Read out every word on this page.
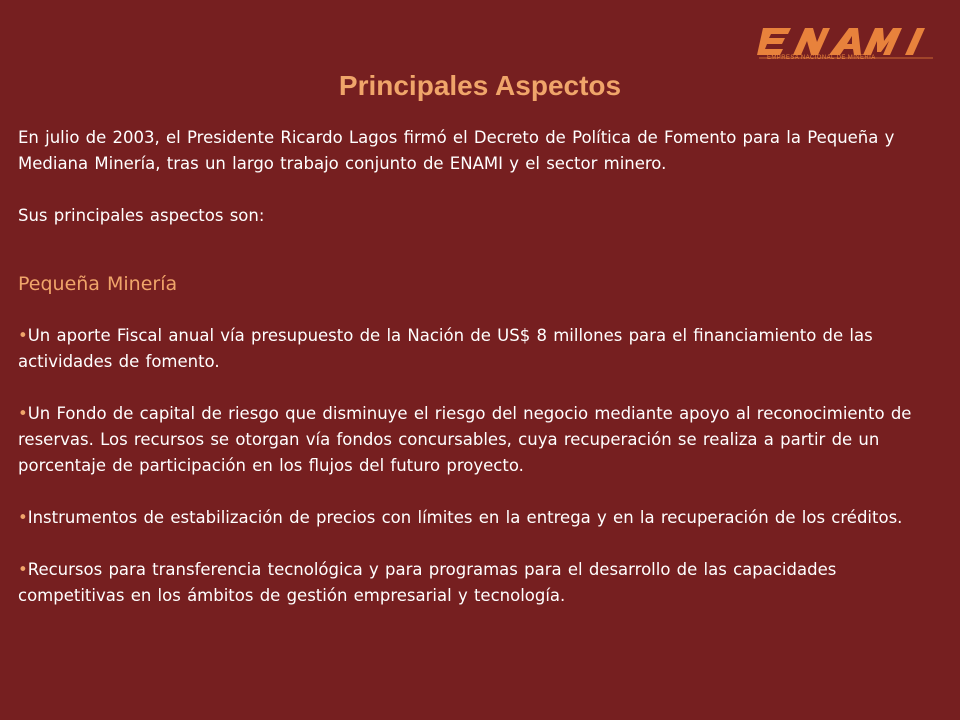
EMPRESA NACIONAL DE MINERÍA
Principales Aspectos

En julio de 2003, el Presidente Ricardo Lagos firmó el Decreto de Política de Fomento para la Pequeña y Mediana Minería, tras un largo trabajo conjunto de ENAMI y el sector minero.

Sus principales aspectos son:

Pequeña Minería

•Un aporte Fiscal anual vía presupuesto de la Nación de US$ 8 millones para el financiamiento de las actividades de fomento.

•Un Fondo de capital de riesgo que disminuye el riesgo del negocio mediante apoyo al reconocimiento de reservas. Los recursos se otorgan vía fondos concursables, cuya recuperación se realiza a partir de un porcentaje de participación en los flujos del futuro proyecto.

•Instrumentos de estabilización de precios con límites en la entrega y en la recuperación de los créditos.

•Recursos para transferencia tecnológica y para programas para el desarrollo de las capacidades competitivas en los ámbitos de gestión empresarial y tecnología.
